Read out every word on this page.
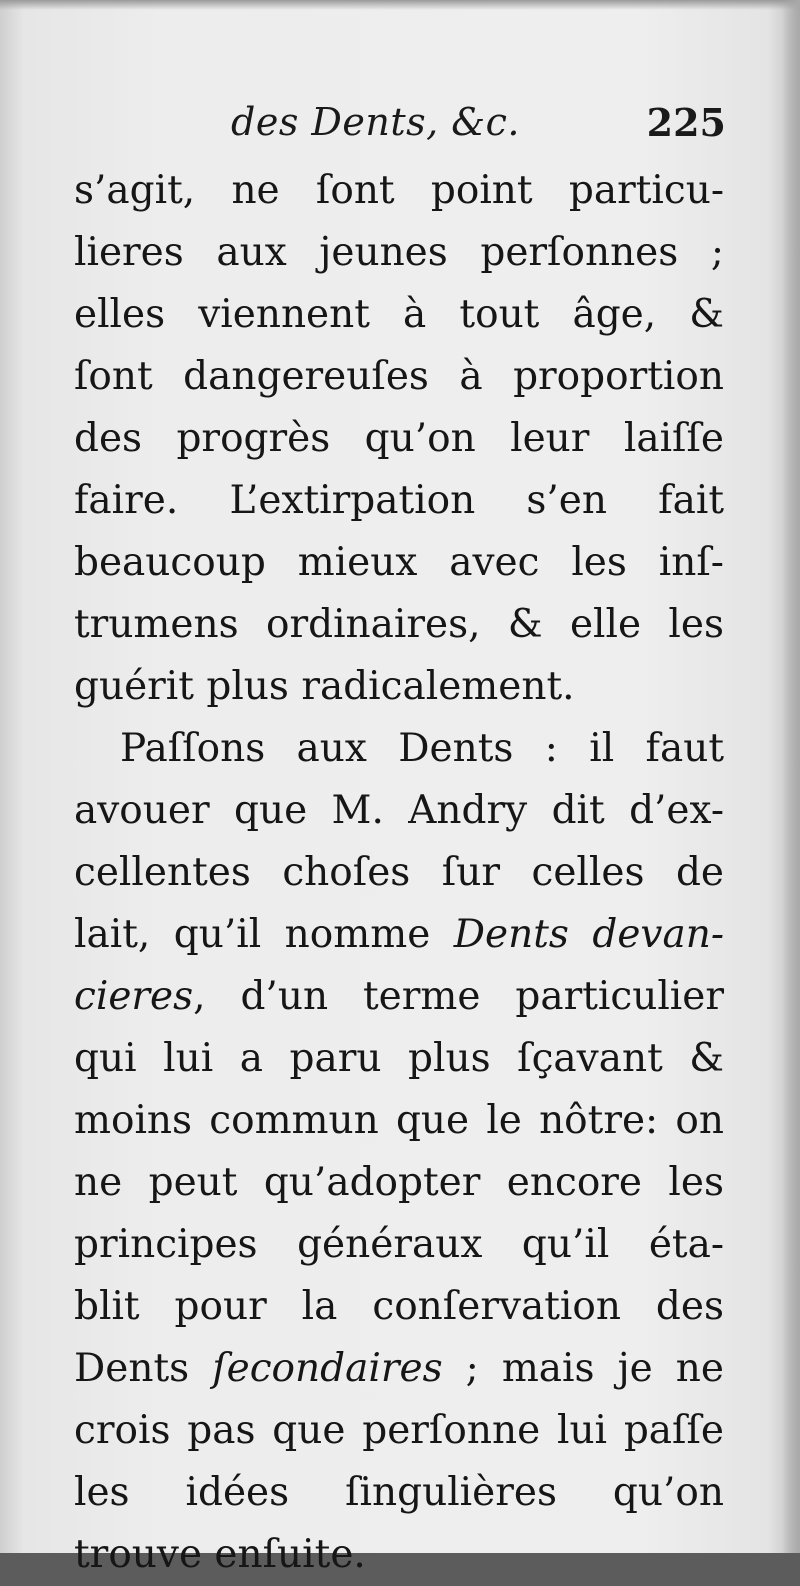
des Dents, &c.	225
s’agit, ne ſont point particu-
lieres aux jeunes perſonnes ;
elles viennent à tout âge, &
ſont dangereuſes à proportion
des progrès qu’on leur laiſſe
faire. L’extirpation s’en fait
beaucoup mieux avec les inſ-
trumens ordinaires, & elle les
guérit plus radicalement.
Paſſons aux Dents : il faut
avouer que M. Andry dit d’ex-
cellentes choſes ſur celles de
lait, qu’il nomme Dents devan-
cieres, d’un terme particulier
qui lui a paru plus ſçavant &
moins commun que le nôtre: on
ne peut qu’adopter encore les
principes généraux qu’il éta-
blit pour la conſervation des
Dents ſecondaires ; mais je ne
crois pas que perſonne lui paſſe
les idées ſingulières qu’on
trouve enſuite.
